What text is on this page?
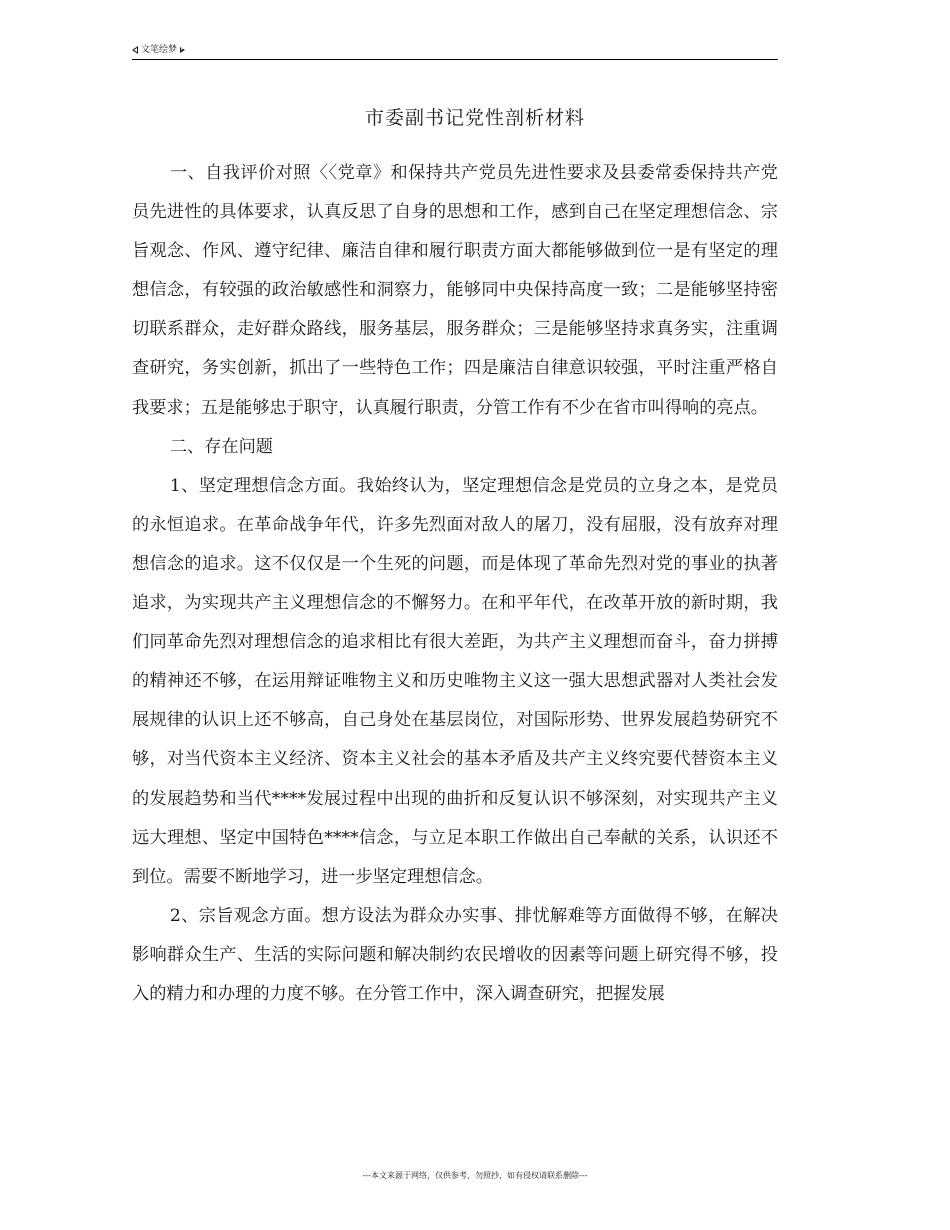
文笔绘梦
市委副书记党性剖析材料

一、自我评价对照〈〈党章》和保持共产党员先进性要求及县委常委保持共产党员先进性的具体要求，认真反思了自身的思想和工作，感到自己在坚定理想信念、宗旨观念、作风、遵守纪律、廉洁自律和履行职责方面大都能够做到位一是有坚定的理想信念，有较强的政治敏感性和洞察力，能够同中央保持高度一致；二是能够坚持密切联系群众，走好群众路线，服务基层，服务群众；三是能够坚持求真务实，注重调查研究，务实创新，抓出了一些特色工作；四是廉洁自律意识较强，平时注重严格自我要求；五是能够忠于职守，认真履行职责，分管工作有不少在省市叫得响的亮点。

二、存在问题

1、坚定理想信念方面。我始终认为，坚定理想信念是党员的立身之本，是党员的永恒追求。在革命战争年代，许多先烈面对敌人的屠刀，没有屈服，没有放弃对理想信念的追求。这不仅仅是一个生死的问题，而是体现了革命先烈对党的事业的执著追求，为实现共产主义理想信念的不懈努力。在和平年代，在改革开放的新时期，我们同革命先烈对理想信念的追求相比有很大差距，为共产主义理想而奋斗，奋力拼搏的精神还不够，在运用辩证唯物主义和历史唯物主义这一强大思想武器对人类社会发展规律的认识上还不够高，自己身处在基层岗位，对国际形势、世界发展趋势研究不够，对当代资本主义经济、资本主义社会的基本矛盾及共产主义终究要代替资本主义的发展趋势和当代****发展过程中出现的曲折和反复认识不够深刻，对实现共产主义远大理想、坚定中国特色****信念，与立足本职工作做出自己奉献的关系，认识还不到位。需要不断地学习，进一步坚定理想信念。

2、宗旨观念方面。想方设法为群众办实事、排忧解难等方面做得不够，在解决影响群众生产、生活的实际问题和解决制约农民增收的因素等问题上研究得不够，投入的精力和办理的力度不够。在分管工作中，深入调查研究，把握发展

---本文来源于网络，仅供参考，勿照抄，如有侵权请联系删除---
